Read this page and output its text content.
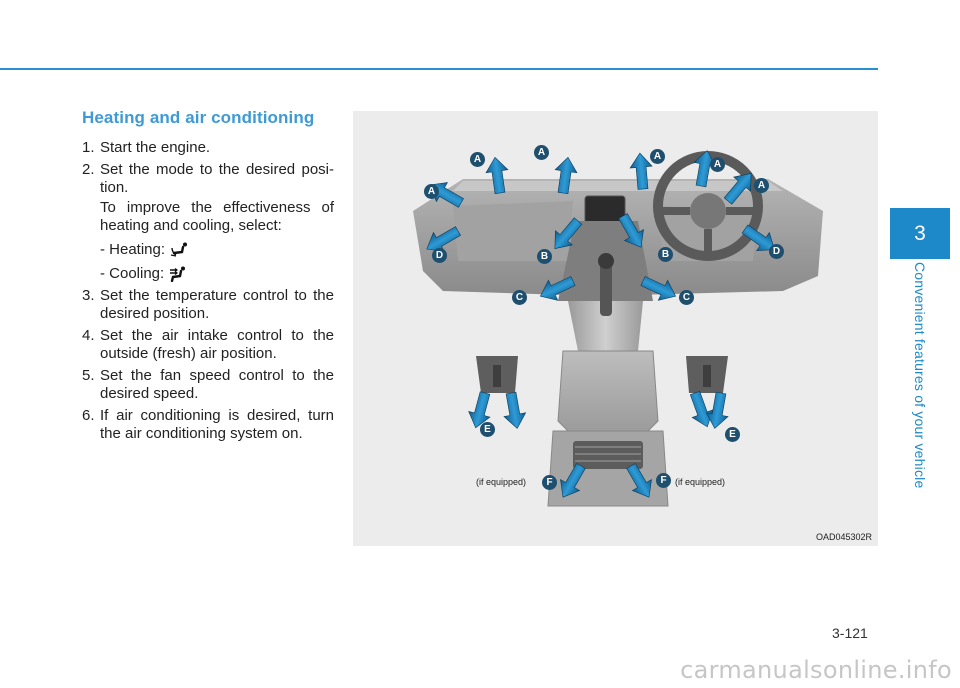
Heating and air conditioning
1. Start the engine.
2. Set the mode to the desired posi-tion.
To improve the effectiveness of heating and cooling, select:
- Heating:
- Cooling:
3. Set the temperature control to the desired position.
4. Set the air intake control to the outside (fresh) air position.
5. Set the fan speed control to the desired speed.
6. If air conditioning is desired, turn the air conditioning system on.
A
A
A	A
A
A
B	B
C	C
D	D
E	E
F	F
(if equipped)	(if equipped)
OAD045302R
3
Convenient features of your vehicle
3-121
carmanualsonline.info
